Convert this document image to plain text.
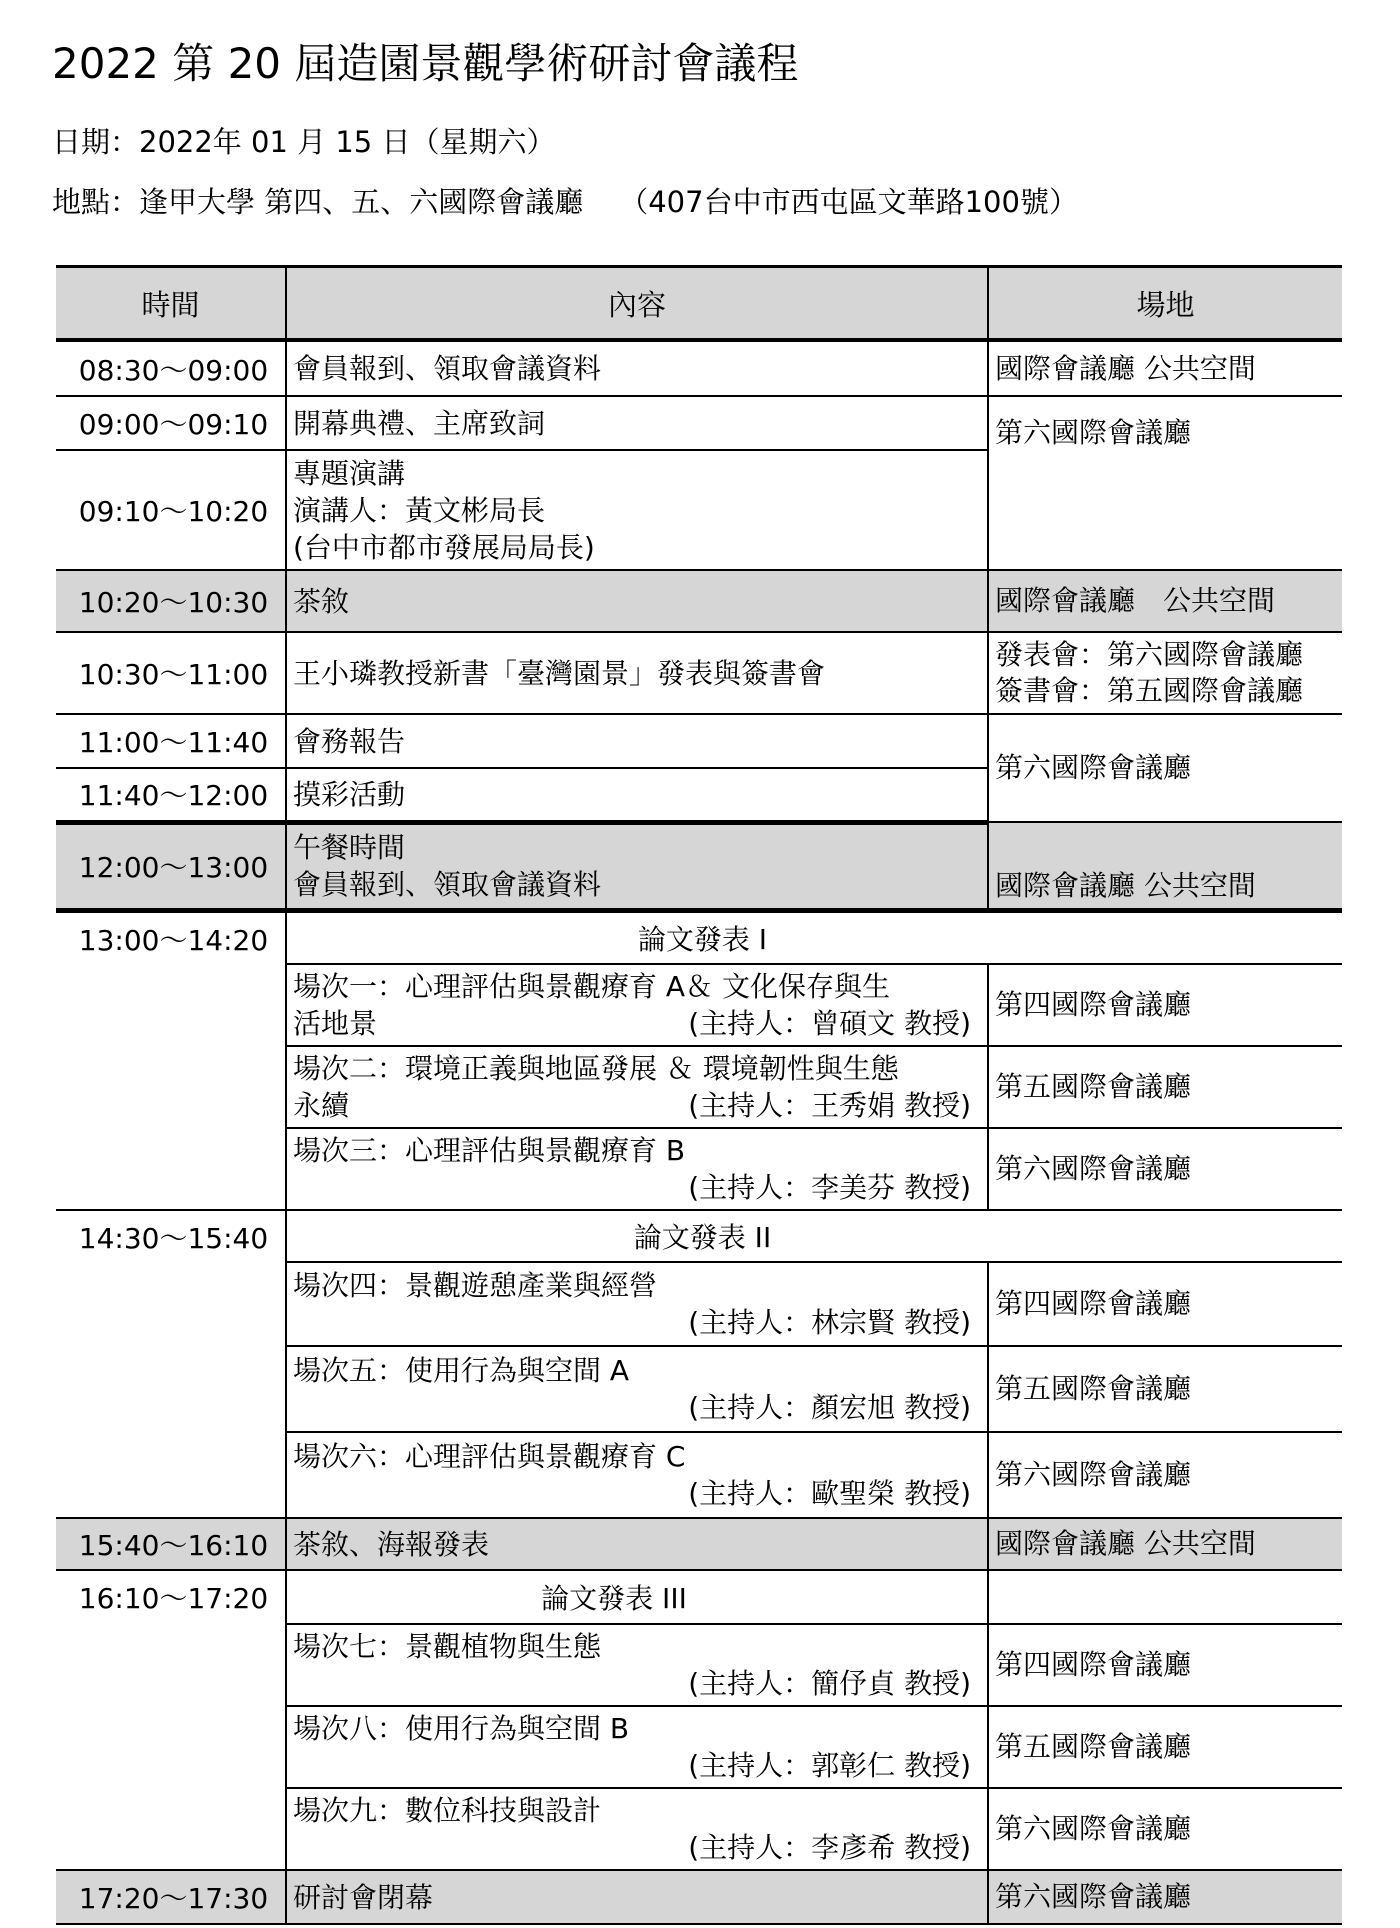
2022 第 20 屆造園景觀學術研討會議程
日期：2022年 01 月 15 日（星期六）
地點：逢甲大學 第四、五、六國際會議廳 （407台中市西屯區文華路100號）
時間	內容	場地
08:30～09:00	會員報到、領取會議資料	國際會議廳 公共空間
09:00～09:10	開幕典禮、主席致詞	第六國際會議廳
09:10～10:20	專題演講
演講人：黃文彬局長
(台中市都市發展局局長)	

10:20～10:30	茶敘	國際會議廳　公共空間
10:30～11:00	王小璘教授新書「臺灣園景」發表與簽書會	發表會：第六國際會議廳
簽書會：第五國際會議廳

11:00～11:40	會務報告	第六國際會議廳
11:40～12:00	摸彩活動	
12:00～13:00	午餐時間
會員報到、領取會議資料	國際會議廳 公共空間
13:00～14:20	論文發表 I	

	場次一：心理評估與景觀療育 A＆ 文化保存與生
活地景 (主持人：曾碩文 教授)	第四國際會議廳

	場次二：環境正義與地區發展 ＆ 環境韌性與生態
永續 (主持人：王秀娟 教授)	第五國際會議廳

	場次三：心理評估與景觀療育 B
(主持人：李美芬 教授)	第六國際會議廳
14:30～15:40	論文發表 II	

	場次四：景觀遊憩產業與經營
(主持人：林宗賢 教授)	第四國際會議廳

	場次五：使用行為與空間 A
(主持人：顏宏旭 教授)	第五國際會議廳

	場次六：心理評估與景觀療育 C
(主持人：歐聖榮 教授)	第六國際會議廳
15:40～16:10	茶敘、海報發表	國際會議廳 公共空間
16:10～17:20	論文發表 III	

	場次七：景觀植物與生態
(主持人：簡伃貞 教授)	第四國際會議廳

	場次八：使用行為與空間 B
(主持人：郭彰仁 教授)	第五國際會議廳

	場次九：數位科技與設計
(主持人：李彥希 教授)	第六國際會議廳
17:20～17:30	研討會閉幕	第六國際會議廳
